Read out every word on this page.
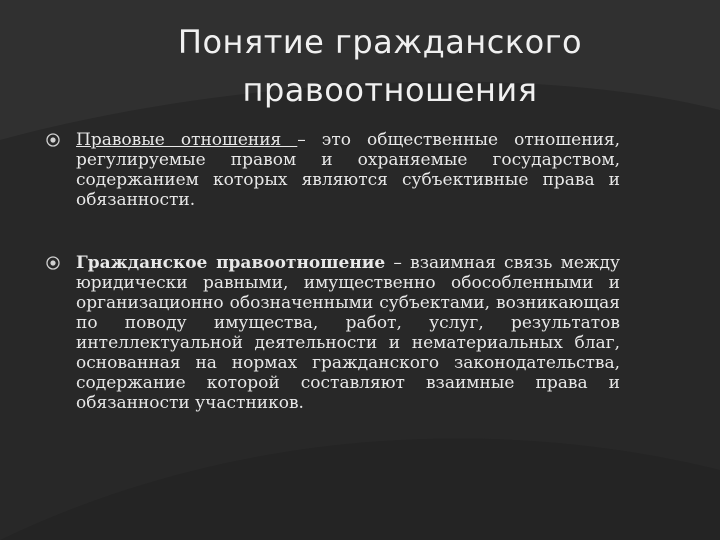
Понятие гражданского
правоотношения
Правовые отношения – это общественные отношения, регулируемые правом и охраняемые государством, содержанием которых являются субъективные права и обязанности.
Гражданское правоотношение – взаимная связь между юридически равными, имущественно обособленными и организационно обозначенными субъектами, возникающая по поводу имущества, работ, услуг, результатов интеллектуальной деятельности и нематериальных благ, основанная на нормах гражданского законодательства, содержание которой составляют взаимные права и обязанности участников.
